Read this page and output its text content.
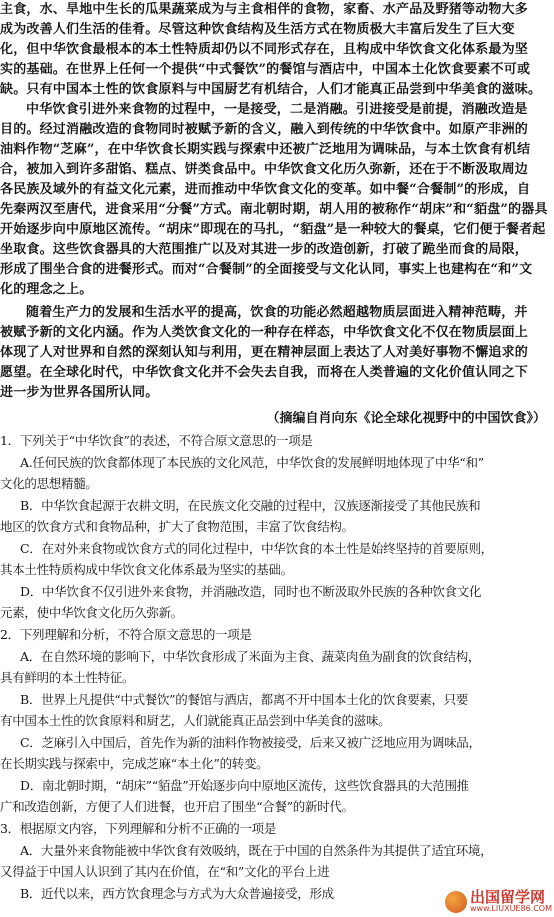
主食，水、旱地中生长的瓜果蔬菜成为与主食相伴的食物，家畜、水产品及野猪等动物大多
成为改善人们生活的佳肴。尽管这种饮食结构及生活方式在物质极大丰富后发生了巨大变
化，但中华饮食最根本的本土性特质却仍以不同形式存在，且构成中华饮食文化体系最为坚
实的基础。在世界上任何一个提供“中式餐饮”的餐馆与酒店中，中国本土化饮食要素不可或
缺。只有中国本土性的饮食原料与中国厨艺有机结合，人们才能真正品尝到中华美食的滋味。
中华饮食引进外来食物的过程中，一是接受，二是消融。引进接受是前提，消融改造是
目的。经过消融改造的食物同时被赋予新的含义，融入到传统的中华饮食中。如原产非洲的
油料作物“芝麻”，在中华饮食长期实践与探索中还被广泛地用为调味品，与本土饮食有机结
合，被加入到许多甜馅、糕点、饼类食品中。中华饮食文化历久弥新，还在于不断汲取周边
各民族及域外的有益文化元素，进而推动中华饮食文化的变革。如中餐“合餐制”的形成，自
先秦两汉至唐代，进食采用“分餐”方式。南北朝时期，胡人用的被称作“胡床”和“貊盘”的器具
开始逐步向中原地区流传。“胡床”即现在的马扎，“貊盘”是一种较大的餐桌，它们便于餐者起
坐取食。这些饮食器具的大范围推广以及对其进一步的改造创新，打破了跪坐而食的局限，
形成了围坐合食的进餐形式。而对“合餐制”的全面接受与文化认同，事实上也建构在“和”文
化的理念之上。
随着生产力的发展和生活水平的提高，饮食的功能必然超越物质层面进入精神范畴，并
被赋予新的文化内涵。作为人类饮食文化的一种存在样态，中华饮食文化不仅在物质层面上
体现了人对世界和自然的深刻认知与利用，更在精神层面上表达了人对美好事物不懈追求的
愿望。在全球化时代，中华饮食文化并不会失去自我，而将在人类普遍的文化价值认同之下
进一步为世界各国所认同。
（摘编自肖向东《论全球化视野中的中国饮食》）
1．下列关于“中华饮食”的表述，不符合原文意思的一项是
A.任何民族的饮食都体现了本民族的文化风范，中华饮食的发展鲜明地体现了中华“和”
文化的思想精髓。
B．中华饮食起源于农耕文明，在民族文化交融的过程中，汉族逐渐接受了其他民族和
地区的饮食方式和食物品种，扩大了食物范围，丰富了饮食结构。
C．在对外来食物或饮食方式的同化过程中，中华饮食的本土性是始终坚持的首要原则，
其本土性特质构成中华饮食文化体系最为坚实的基础。
D．中华饮食不仅引进外来食物，并消融改造，同时也不断汲取外民族的各种饮食文化
元素，使中华饮食文化历久弥新。
2．下列理解和分析，不符合原文意思的一项是
A．在自然环境的影响下，中华饮食形成了米面为主食、蔬菜肉鱼为副食的饮食结构，
具有鲜明的本土性特征。
B．世界上凡提供“中式餐饮”的餐馆与酒店，都离不开中国本土化的饮食要素，只要
有中国本土性的饮食原料和厨艺，人们就能真正品尝到中华美食的滋味。
C．芝麻引入中国后，首先作为新的油料作物被接受，后来又被广泛地应用为调味品，
在长期实践与探索中，完成芝麻“本土化”的转变。
D．南北朝时期，“胡床”“貊盘”开始逐步向中原地区流传，这些饮食器具的大范围推
广和改造创新，方便了人们进餐，也开启了围坐“合餐”的新时代。
3．根据原文内容，下列理解和分析不正确的一项是
A．大量外来食物能被中华饮食有效吸纳，既在于中国的自然条件为其提供了适宜环境，
又得益于中国人认识到了其内在价值，在“和”文化的平台上进
B．近代以来，西方饮食理念与方式为大众普遍接受，形成	出国留学网
www.LIUXUE86.COM
